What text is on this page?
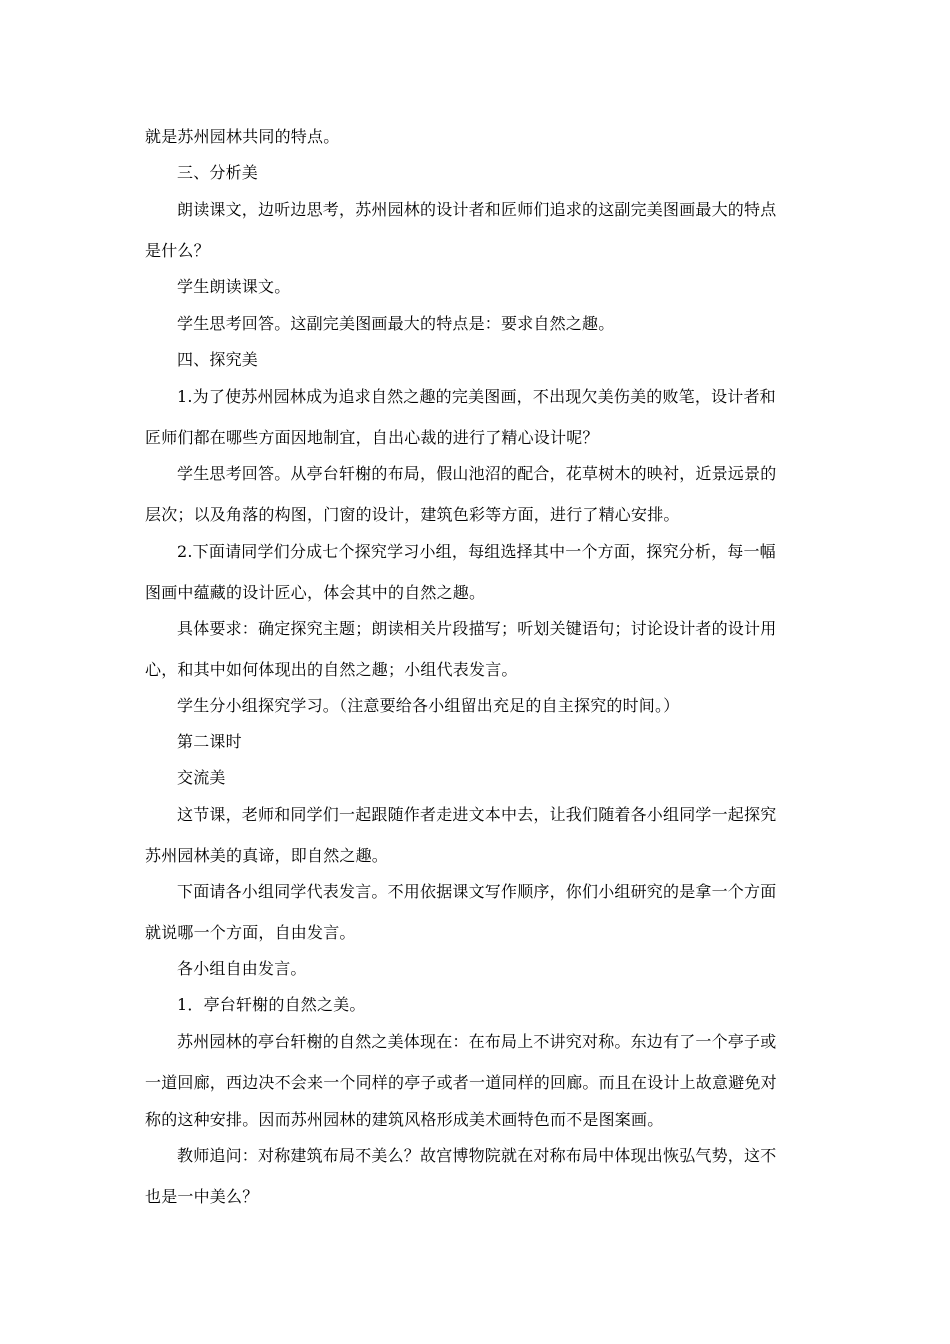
就是苏州园林共同的特点。
三、分析美
朗读课文，边听边思考，苏州园林的设计者和匠师们追求的这副完美图画最大的特点
是什么？
学生朗读课文。
学生思考回答。这副完美图画最大的特点是：要求自然之趣。
四、探究美
1.为了使苏州园林成为追求自然之趣的完美图画，不出现欠美伤美的败笔，设计者和
匠师们都在哪些方面因地制宜，自出心裁的进行了精心设计呢？
学生思考回答。从亭台轩榭的布局，假山池沼的配合，花草树木的映衬，近景远景的
层次；以及角落的构图，门窗的设计，建筑色彩等方面，进行了精心安排。
2.下面请同学们分成七个探究学习小组，每组选择其中一个方面，探究分析，每一幅
图画中蕴藏的设计匠心，体会其中的自然之趣。
具体要求：确定探究主题；朗读相关片段描写；听划关键语句；讨论设计者的设计用
心，和其中如何体现出的自然之趣；小组代表发言。
学生分小组探究学习。（注意要给各小组留出充足的自主探究的时间。）
第二课时
交流美
这节课，老师和同学们一起跟随作者走进文本中去，让我们随着各小组同学一起探究
苏州园林美的真谛，即自然之趣。
下面请各小组同学代表发言。不用依据课文写作顺序，你们小组研究的是拿一个方面
就说哪一个方面，自由发言。
各小组自由发言。
1．亭台轩榭的自然之美。
苏州园林的亭台轩榭的自然之美体现在：在布局上不讲究对称。东边有了一个亭子或
一道回廊，西边决不会来一个同样的亭子或者一道同样的回廊。而且在设计上故意避免对
称的这种安排。因而苏州园林的建筑风格形成美术画特色而不是图案画。
教师追问：对称建筑布局不美么？故宫博物院就在对称布局中体现出恢弘气势，这不
也是一中美么？
